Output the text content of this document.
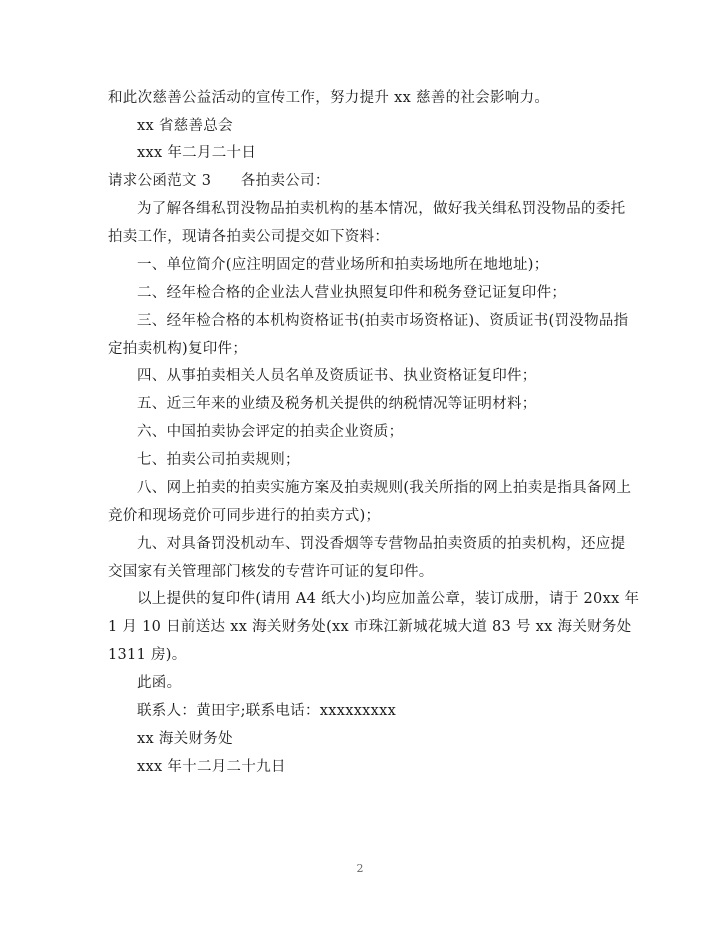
和此次慈善公益活动的宣传工作，努力提升 xx 慈善的社会影响力。
xx 省慈善总会
xxx 年二月二十日
请求公函范文 3　　各拍卖公司：
为了解各缉私罚没物品拍卖机构的基本情况，做好我关缉私罚没物品的委托
拍卖工作，现请各拍卖公司提交如下资料：
一、单位简介(应注明固定的营业场所和拍卖场地所在地地址)；
二、经年检合格的企业法人营业执照复印件和税务登记证复印件；
三、经年检合格的本机构资格证书(拍卖市场资格证)、资质证书(罚没物品指
定拍卖机构)复印件；
四、从事拍卖相关人员名单及资质证书、执业资格证复印件；
五、近三年来的业绩及税务机关提供的纳税情况等证明材料；
六、中国拍卖协会评定的拍卖企业资质；
七、拍卖公司拍卖规则；
八、网上拍卖的拍卖实施方案及拍卖规则(我关所指的网上拍卖是指具备网上
竞价和现场竞价可同步进行的拍卖方式)；
九、对具备罚没机动车、罚没香烟等专营物品拍卖资质的拍卖机构，还应提
交国家有关管理部门核发的专营许可证的复印件。
以上提供的复印件(请用 A4 纸大小)均应加盖公章，装订成册，请于 20xx 年
1 月 10 日前送达 xx 海关财务处(xx 市珠江新城花城大道 83 号 xx 海关财务处
1311 房)。
此函。
联系人：黄田宇;联系电话：xxxxxxxxx
xx 海关财务处
xxx 年十二月二十九日
2
